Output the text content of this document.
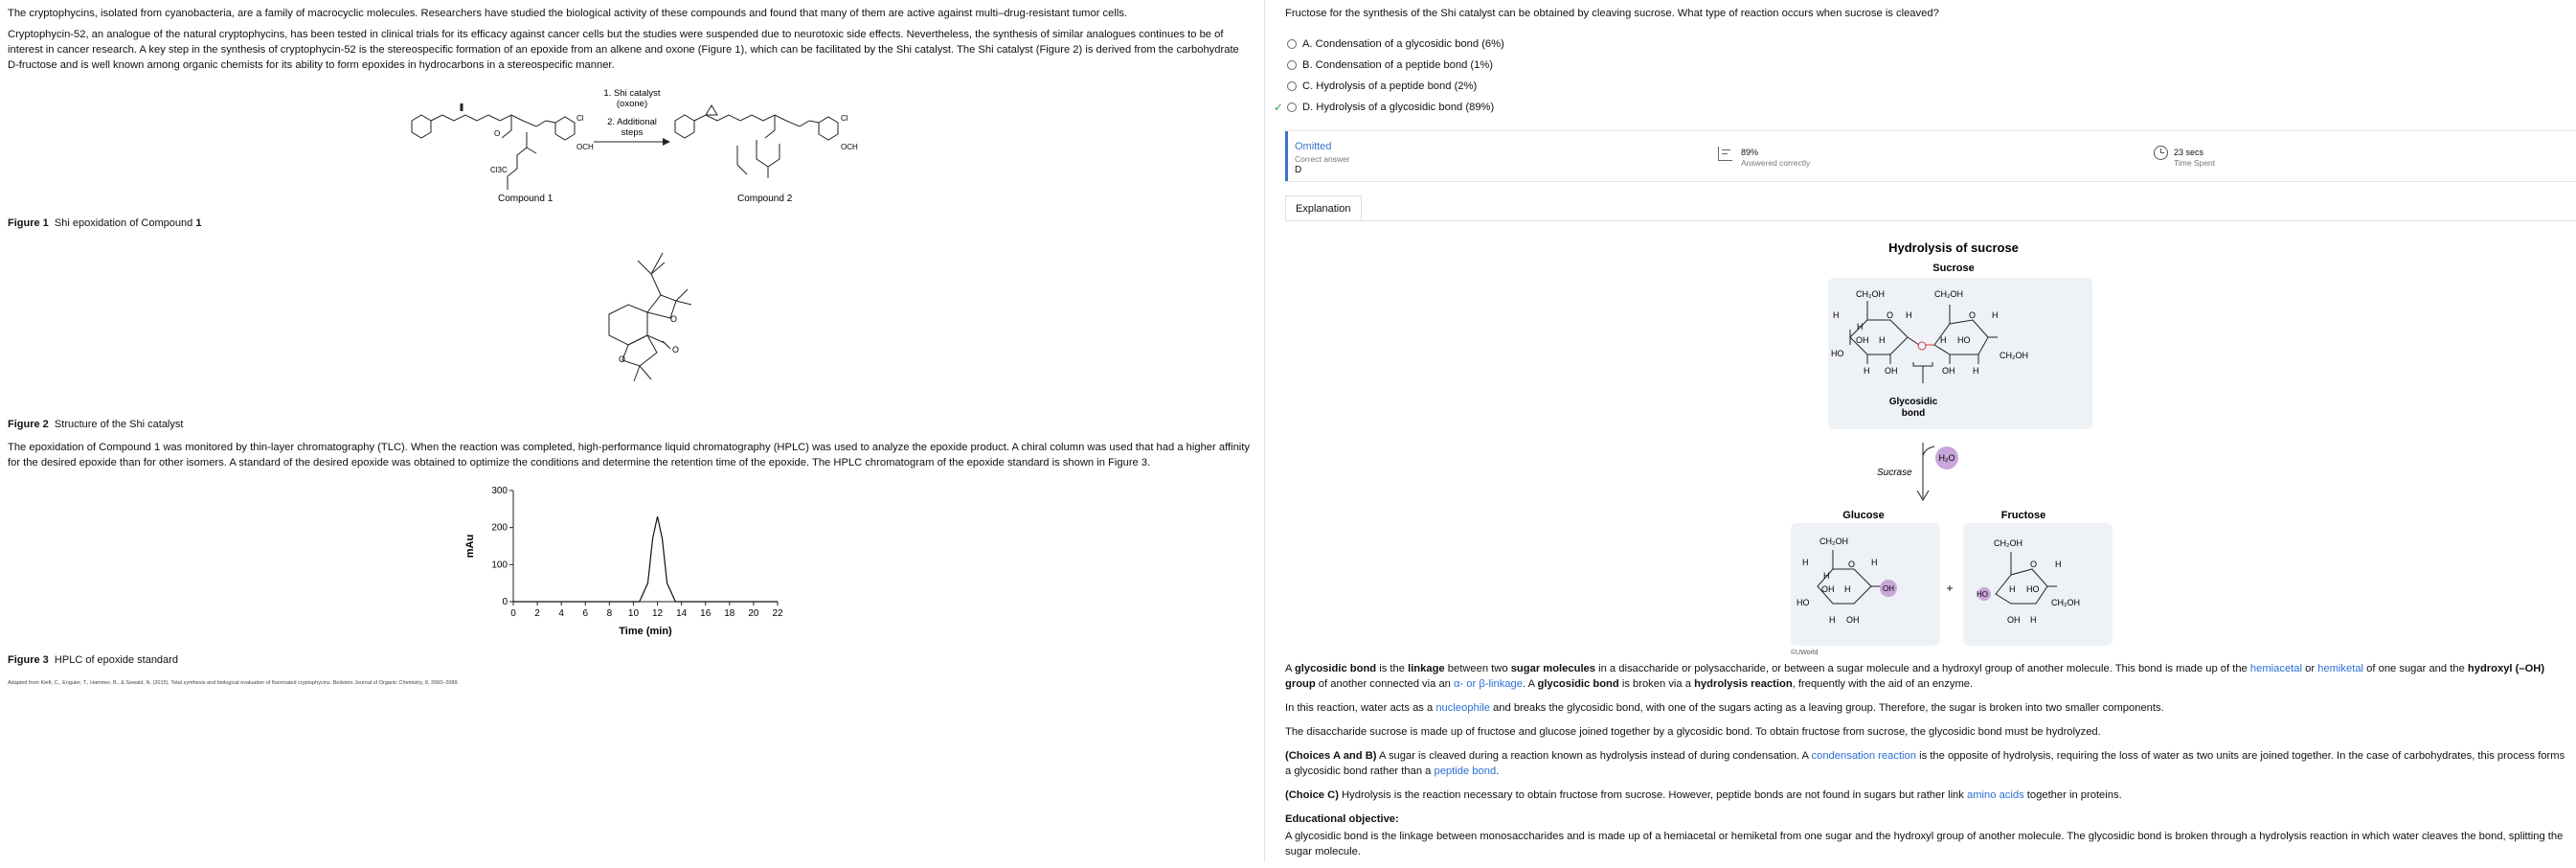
The cryptophycins, isolated from cyanobacteria, are a family of macrocyclic molecules. Researchers have studied the biological activity of these compounds and found that many of them are active against multi–drug-resistant tumor cells.

Cryptophycin-52, an analogue of the natural cryptophycins, has been tested in clinical trials for its efficacy against cancer cells but the studies were suspended due to neurotoxic side effects. Nevertheless, the synthesis of similar analogues continues to be of interest in cancer research. A key step in the synthesis of cryptophycin-52 is the stereospecific formation of an epoxide from an alkene and oxone (Figure 1), which can be facilitated by the Shi catalyst. The Shi catalyst (Figure 2) is derived from the carbohydrate D-fructose and is well known among organic chemists for its ability to form epoxides in hydrocarbons in a stereospecific manner.

Cl
OCH
O
Cl3C
Compound 1
1. Shi catalyst
(oxone)
2. Additional
steps
Cl
OCH
Compound 2
Figure 1 Shi epoxidation of Compound 1
O
O
O
Figure 2 Structure of the Shi catalyst

The epoxidation of Compound 1 was monitored by thin-layer chromatography (TLC). When the reaction was completed, high-performance liquid chromatography (HPLC) was used to analyze the epoxide product. A chiral column was used that had a higher affinity for the desired epoxide than for other isomers. A standard of the desired epoxide was obtained to optimize the conditions and determine the retention time of the epoxide. The HPLC chromatogram of the epoxide standard is shown in Figure 3.

0
100
200
300
0 2 4 6 8 10 12 14 16 18 20 22
Time (min)
mAu
Figure 3 HPLC of epoxide standard
Adapted from Kieft, C., Enguier, T., Hammer, B., & Sewald, N. (2015). Total synthesis and biological evaluation of fluorinated cryptophycins. Beilstein Journal of Organic Chemistry, 8, 2060–2089.

Fructose for the synthesis of the Shi catalyst can be obtained by cleaving sucrose. What type of reaction occurs when sucrose is cleaved?

A. Condensation of a glycosidic bond (6%)
B. Condensation of a peptide bond (1%)
C. Hydrolysis of a peptide bond (2%)
✓ D. Hydrolysis of a glycosidic bond (89%)
Omitted
Correct answer
D
89%
Answered correctly
23 secs
Time Spent
Explanation
Hydrolysis of sucrose
Sucrose
CH₂OH	CH₂OH
O	O
H
H
OH H
H
HO
H OH
H HO
H
CH₂OH
OH H
Glycosidic
bond
H₂O
Sucrase
Glucose	Fructose
CH₂OH
O
H
H
OH H
H
OH
HO
H OH
+
CH₂OH
O H
HO
H HO
CH₂OH
OH H
©UWorld

A glycosidic bond is the linkage between two sugar molecules in a disaccharide or polysaccharide, or between a sugar molecule and a hydroxyl group of another molecule. This bond is made up of the hemiacetal or hemiketal of one sugar and the hydroxyl (–OH) group of another connected via an α- or β-linkage. A glycosidic bond is broken via a hydrolysis reaction, frequently with the aid of an enzyme.

In this reaction, water acts as a nucleophile and breaks the glycosidic bond, with one of the sugars acting as a leaving group. Therefore, the sugar is broken into two smaller components.

The disaccharide sucrose is made up of fructose and glucose joined together by a glycosidic bond. To obtain fructose from sucrose, the glycosidic bond must be hydrolyzed.

(Choices A and B) A sugar is cleaved during a reaction known as hydrolysis instead of during condensation. A condensation reaction is the opposite of hydrolysis, requiring the loss of water as two units are joined together. In the case of carbohydrates, this process forms a glycosidic bond rather than a peptide bond.

(Choice C) Hydrolysis is the reaction necessary to obtain fructose from sucrose. However, peptide bonds are not found in sugars but rather link amino acids together in proteins.

Educational objective:

A glycosidic bond is the linkage between monosaccharides and is made up of a hemiacetal or hemiketal from one sugar and the hydroxyl group of another molecule. The glycosidic bond is broken through a hydrolysis reaction in which water cleaves the bond, splitting the sugar molecule.
